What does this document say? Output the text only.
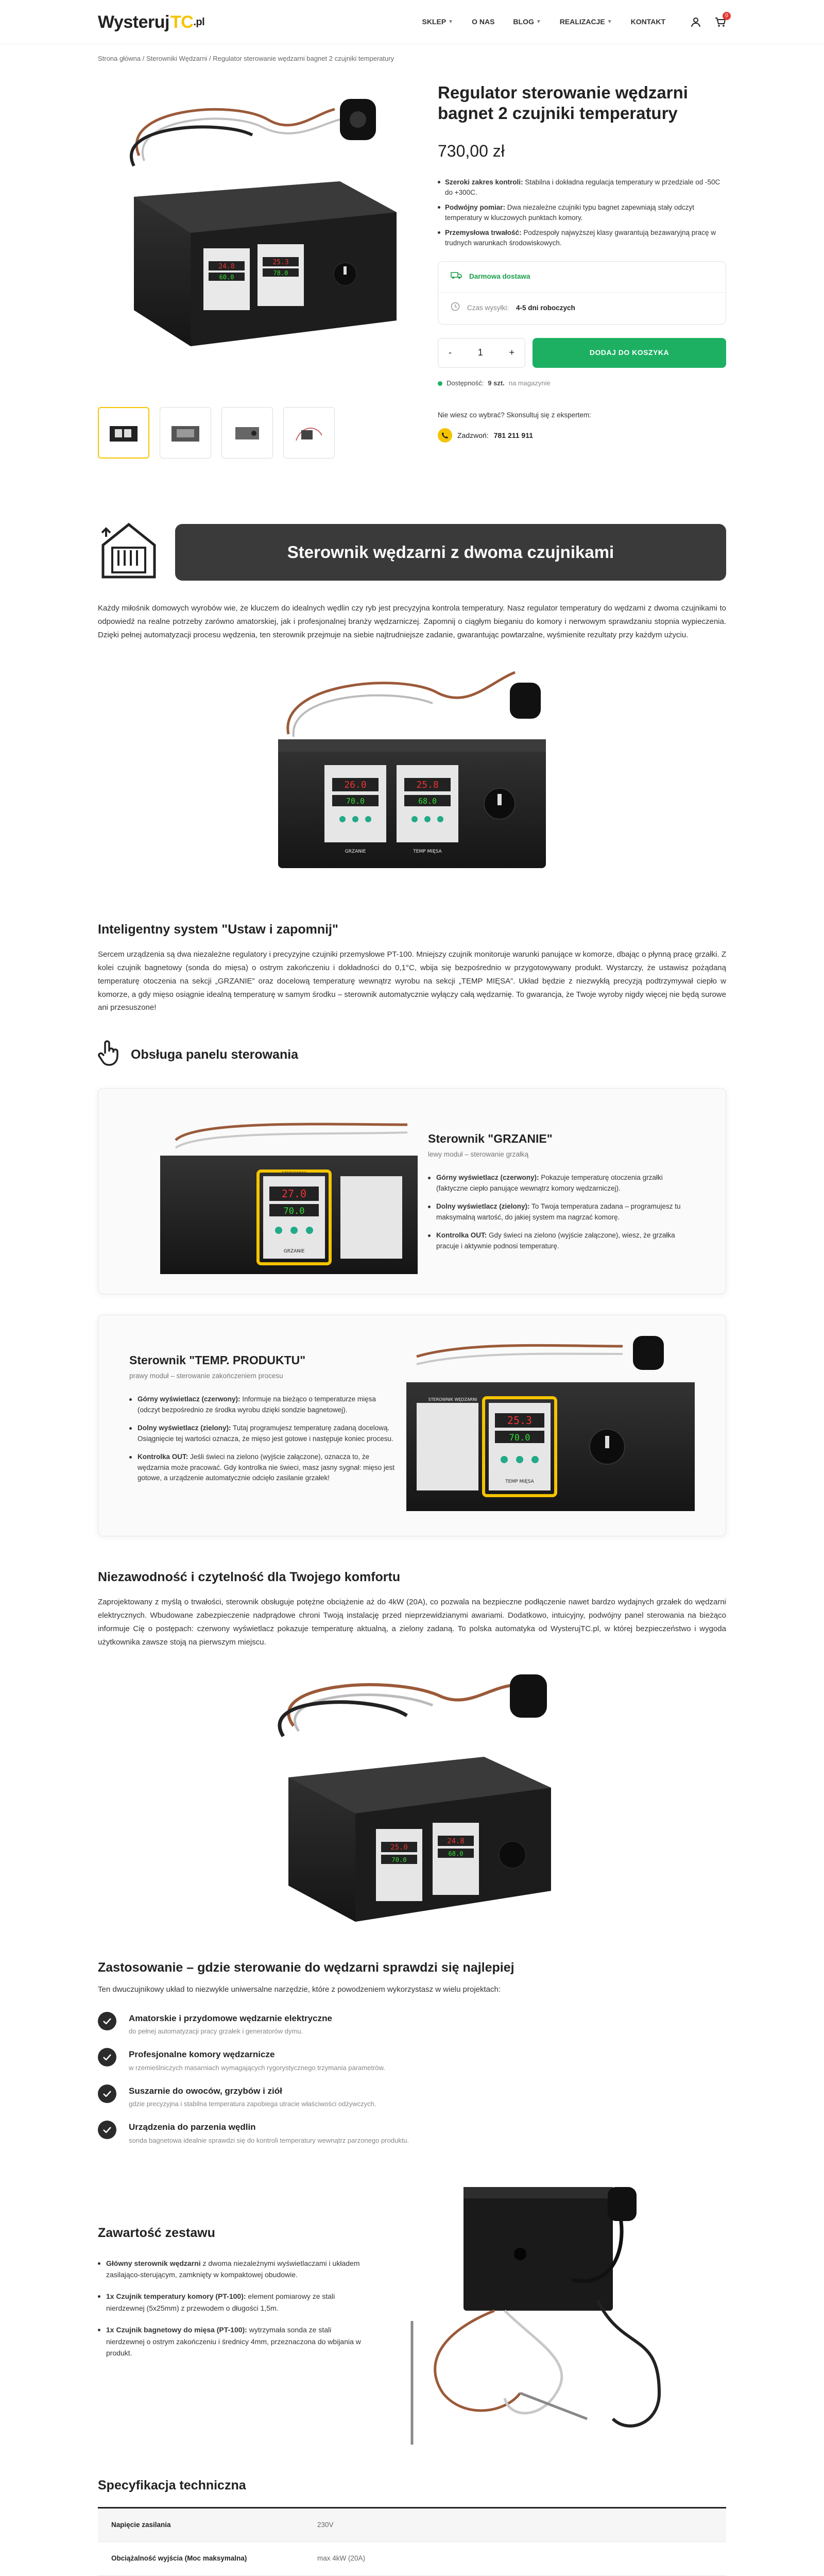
Wysteruj TC .pl	SKLEP ▼	O NAS	BLOG ▼	REALIZACJE ▼	KONTAKT
0
Strona główna / Sterowniki Wędzarni / Regulator sterowanie wędzarni bagnet 2 czujniki temperatury
24.8
60.0
25.3
78.0
Regulator sterowanie wędzarni bagnet 2 czujniki temperatury
730,00 zł
Szeroki zakres kontroli: Stabilna i dokładna regulacja temperatury w przedziale od -50C do +300C.
Podwójny pomiar: Dwa niezależne czujniki typu bagnet zapewniają stały odczyt temperatury w kluczowych punktach komory.
Przemysłowa trwałość: Podzespoły najwyższej klasy gwarantują bezawaryjną pracę w trudnych warunkach środowiskowych.
Darmowa dostawa
Czas wysyłki: 4-5 dni roboczych
-	1	+	DODAJ DO KOSZYKA
Dostępność: 9 szt. na magazynie
Nie wiesz co wybrać? Skonsultuj się z ekspertem:
Zadzwoń: 781 211 911
Sterownik wędzarni z dwoma czujnikami

Każdy miłośnik domowych wyrobów wie, że kluczem do idealnych wędlin czy ryb jest precyzyjna kontrola temperatury. Nasz regulator temperatury do wędzarni z dwoma czujnikami to odpowiedź na realne potrzeby zarówno amatorskiej, jak i profesjonalnej branży wędzarniczej. Zapomnij o ciągłym bieganiu do komory i nerwowym sprawdzaniu stopnia wypieczenia. Dzięki pełnej automatyzacji procesu wędzenia, ten sterownik przejmuje na siebie najtrudniejsze zadanie, gwarantując powtarzalne, wyśmienite rezultaty przy każdym użyciu.

STEROWNIK WĘDZARNI
26.0
70.0
25.8
68.0
GRZANIE	TEMP MIĘSA
Inteligentny system "Ustaw i zapomnij"

Sercem urządzenia są dwa niezależne regulatory i precyzyjne czujniki przemysłowe PT-100. Mniejszy czujnik monitoruje warunki panujące w komorze, dbając o płynną pracę grzałki. Z kolei czujnik bagnetowy (sonda do mięsa) o ostrym zakończeniu i dokładności do 0,1°C, wbija się bezpośrednio w przygotowywany produkt. Wystarczy, że ustawisz pożądaną temperaturę otoczenia na sekcji „GRZANIE” oraz docelową temperaturę wewnątrz wyrobu na sekcji „TEMP MIĘSA”. Układ będzie z niezwykłą precyzją podtrzymywał ciepło w komorze, a gdy mięso osiągnie idealną temperaturę w samym środku – sterownik automatycznie wyłączy całą wędzarnię. To gwarancja, że Twoje wyroby nigdy więcej nie będą surowe ani przesuszone!

Obsługa panelu sterowania
STEROWNIK
27.0
70.0
GRZANIE
Sterownik "GRZANIE"
lewy moduł – sterowanie grzałką
Górny wyświetlacz (czerwony): Pokazuje temperaturę otoczenia grzałki (faktyczne ciepło panujące wewnątrz komory wędzarniczej).
Dolny wyświetlacz (zielony): To Twoja temperatura zadana – programujesz tu maksymalną wartość, do jakiej system ma nagrzać komorę.
Kontrolka OUT: Gdy świeci na zielono (wyjście załączone), wiesz, że grzałka pracuje i aktywnie podnosi temperaturę.
Sterownik "TEMP. PRODUKTU"
prawy moduł – sterowanie zakończeniem procesu
Górny wyświetlacz (czerwony): Informuje na bieżąco o temperaturze mięsa (odczyt bezpośrednio ze środka wyrobu dzięki sondzie bagnetowej).
Dolny wyświetlacz (zielony): Tutaj programujesz temperaturę zadaną docelową. Osiągnięcie tej wartości oznacza, że mięso jest gotowe i następuje koniec procesu.
Kontrolka OUT: Jeśli świeci na zielono (wyjście załączone), oznacza to, że wędzarnia może pracować. Gdy kontrolka nie świeci, masz jasny sygnał: mięso jest gotowe, a urządzenie automatycznie odcięło zasilanie grzałek!
STEROWNIK WĘDZARNI
25.3
70.0
TEMP MIĘSA
Niezawodność i czytelność dla Twojego komfortu

Zaprojektowany z myślą o trwałości, sterownik obsługuje potężne obciążenie aż do 4kW (20A), co pozwala na bezpieczne podłączenie nawet bardzo wydajnych grzałek do wędzarni elektrycznych. Wbudowane zabezpieczenie nadprądowe chroni Twoją instalację przed nieprzewidzianymi awariami. Dodatkowo, intuicyjny, podwójny panel sterowania na bieżąco informuje Cię o postępach: czerwony wyświetlacz pokazuje temperaturę aktualną, a zielony zadaną. To polska automatyka od WysterujTC.pl, w której bezpieczeństwo i wygoda użytkownika zawsze stoją na pierwszym miejscu.

25.0
70.0
24.8
68.0
Zastosowanie – gdzie sterowanie do wędzarni sprawdzi się najlepiej

Ten dwuczujnikowy układ to niezwykle uniwersalne narzędzie, które z powodzeniem wykorzystasz w wielu projektach:

Amatorskie i przydomowe wędzarnie elektryczne
do pełnej automatyzacji pracy grzałek i generatorów dymu.
Profesjonalne komory wędzarnicze
w rzemieślniczych masarniach wymagających rygorystycznego trzymania parametrów.
Suszarnie do owoców, grzybów i ziół
gdzie precyzyjna i stabilna temperatura zapobiega utracie właściwości odżywczych.
Urządzenia do parzenia wędlin
sonda bagnetowa idealnie sprawdzi się do kontroli temperatury wewnątrz parzonego produktu.
Zawartość zestawu
Główny sterownik wędzarni z dwoma niezależnymi wyświetlaczami i układem zasilająco-sterującym, zamknięty w kompaktowej obudowie.
1x Czujnik temperatury komory (PT-100): element pomiarowy ze stali nierdzewnej (5x25mm) z przewodem o długości 1,5m.
1x Czujnik bagnetowy do mięsa (PT-100): wytrzymała sonda ze stali nierdzewnej o ostrym zakończeniu i średnicy 4mm, przeznaczona do wbijania w produkt.
Specyfikacja techniczna
Napięcie zasilania	230V
Obciążalność wyjścia (Moc maksymalna)	max 4kW (20A)
